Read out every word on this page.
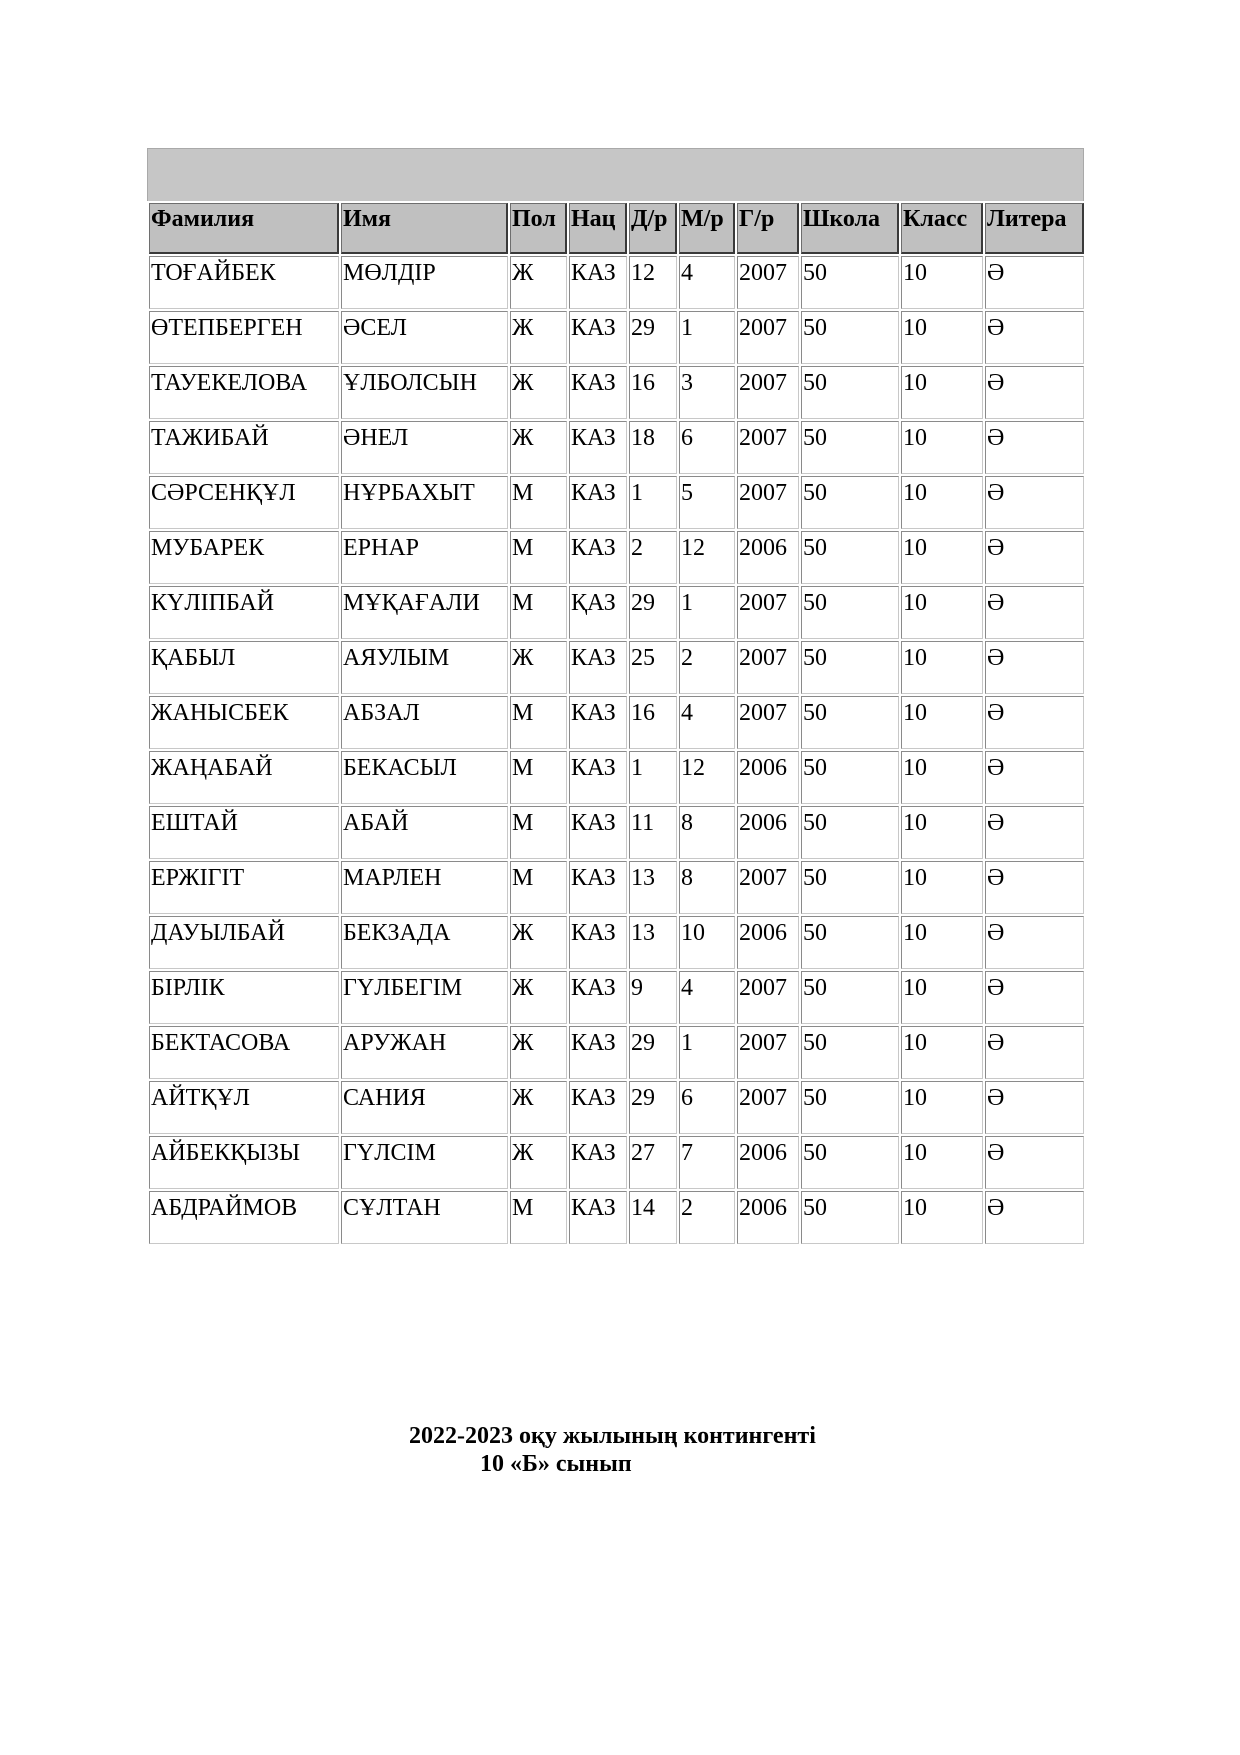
Фамилия	Имя	Пол	Нац	Д/р	М/р	Г/р	Школа	Класс	Литера
ТОҒАЙБЕК	МӨЛДІР	Ж	КАЗ	12	4	2007	50	10	Ә
ӨТЕПБЕРГЕН	ӘСЕЛ	Ж	КАЗ	29	1	2007	50	10	Ә
ТАУЕКЕЛОВА	ҰЛБОЛСЫН	Ж	КАЗ	16	3	2007	50	10	Ә
ТАЖИБАЙ	ӘНЕЛ	Ж	КАЗ	18	6	2007	50	10	Ә
СӘРСЕНҚҰЛ	НҰРБАХЫТ	М	КАЗ	1	5	2007	50	10	Ә
МУБАРЕК	ЕРНАР	М	КАЗ	2	12	2006	50	10	Ә
КҮЛІПБАЙ	МҰҚАҒАЛИ	М	ҚАЗ	29	1	2007	50	10	Ә
ҚАБЫЛ	АЯУЛЫМ	Ж	КАЗ	25	2	2007	50	10	Ә
ЖАНЫСБЕК	АБЗАЛ	М	КАЗ	16	4	2007	50	10	Ә
ЖАҢАБАЙ	БЕКАСЫЛ	М	КАЗ	1	12	2006	50	10	Ә
ЕШТАЙ	АБАЙ	М	КАЗ	11	8	2006	50	10	Ә
ЕРЖІГІТ	МАРЛЕН	М	КАЗ	13	8	2007	50	10	Ә
ДАУЫЛБАЙ	БЕКЗАДА	Ж	КАЗ	13	10	2006	50	10	Ә
БІРЛІК	ГҮЛБЕГІМ	Ж	КАЗ	9	4	2007	50	10	Ә
БЕКТАСОВА	АРУЖАН	Ж	КАЗ	29	1	2007	50	10	Ә
АЙТҚҰЛ	САНИЯ	Ж	КАЗ	29	6	2007	50	10	Ә
АЙБЕКҚЫЗЫ	ГҮЛСІМ	Ж	КАЗ	27	7	2006	50	10	Ә
АБДРАЙМОВ	СҰЛТАН	М	КАЗ	14	2	2006	50	10	Ә
2022-2023 оқу жылының контингенті
10 «Б» сынып
